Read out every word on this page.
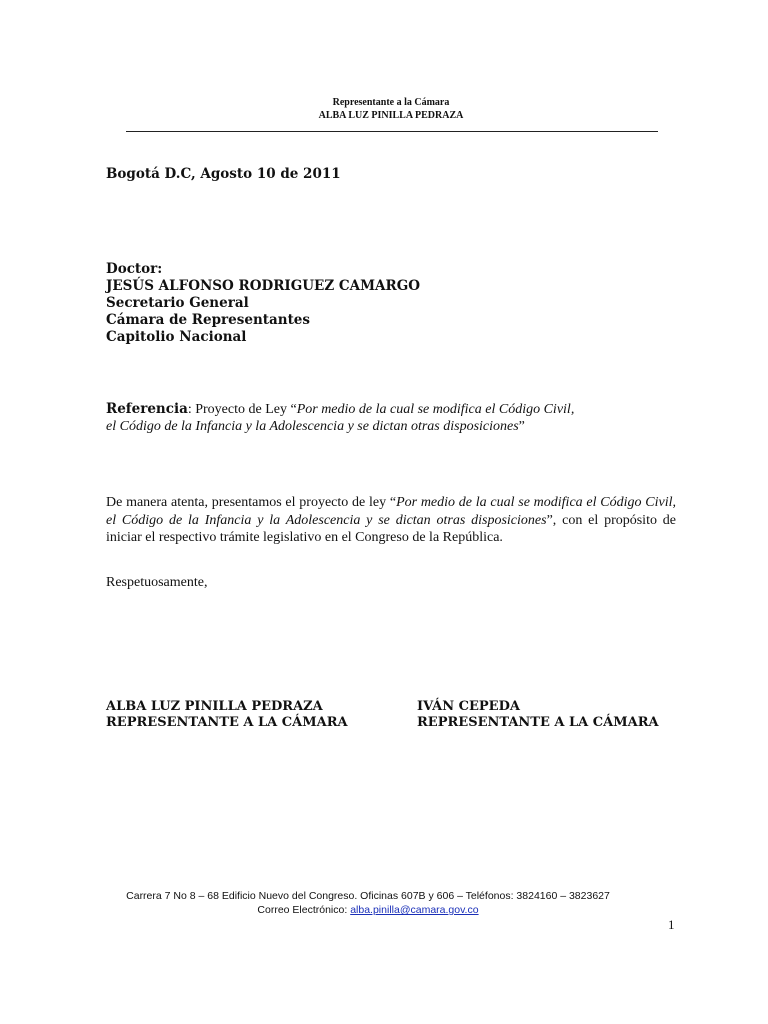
Representante a la Cámara
ALBA LUZ PINILLA PEDRAZA
Bogotá D.C, Agosto 10 de 2011
Doctor:
JESÚS ALFONSO RODRIGUEZ CAMARGO
Secretario General
Cámara de Representantes
Capitolio Nacional
Referencia: Proyecto de Ley “Por medio de la cual se modifica el Código Civil,
el Código de la Infancia y la Adolescencia y se dictan otras disposiciones”
De manera atenta, presentamos el proyecto de ley “Por medio de la cual se modifica el Código Civil, el Código de la Infancia y la Adolescencia y se dictan otras disposiciones”, con el propósito de iniciar el respectivo trámite legislativo en el Congreso de la República.
Respetuosamente,
ALBA LUZ PINILLA PEDRAZA
REPRESENTANTE A LA CÁMARA
IVÁN CEPEDA
REPRESENTANTE A LA CÁMARA
Carrera 7 No 8 – 68 Edificio Nuevo del Congreso. Oficinas 607B y 606 – Teléfonos: 3824160 – 3823627
Correo Electrónico: alba.pinilla@camara.gov.co
1
